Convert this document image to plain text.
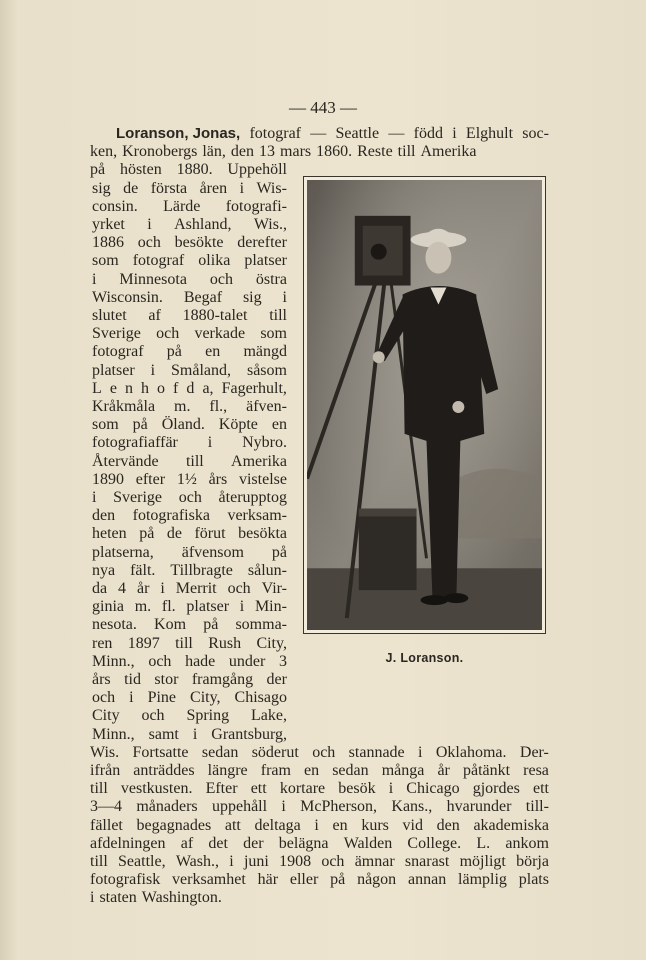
— 443 —
Loranson, Jonas, fotograf — Seattle — född i Elghult soc-
ken, Kronobergs län, den 13 mars 1860. Reste till Amerika
på hösten 1880. Uppehöll
sig de första åren i Wis-
consin. Lärde fotografi-
yrket i Ashland, Wis.,
1886 och besökte derefter
som fotograf olika platser
i Minnesota och östra
Wisconsin. Begaf sig i
slutet af 1880-talet till
Sverige och verkade som
fotograf på en mängd
platser i Småland, såsom
L e n h o f d a, Fagerhult,
Kråkmåla m. fl., äfven-
som på Öland. Köpte en
fotografiaffär i Nybro.
Återvände till Amerika
1890 efter 1½ års vistelse
i Sverige och återupptog
den fotografiska verksam-
heten på de förut besökta
platserna, äfvensom på
nya fält. Tillbragte sålun-
da 4 år i Merrit och Vir-
ginia m. fl. platser i Min-
nesota. Kom på somma-
ren 1897 till Rush City,
Minn., och hade under 3
års tid stor framgång der
och i Pine City, Chisago
City och Spring Lake,
Minn., samt i Grantsburg,
Wis. Fortsatte sedan söderut och stannade i Oklahoma. Der-
ifrån anträddes längre fram en sedan många år påtänkt resa
till vestkusten. Efter ett kortare besök i Chicago gjordes ett
3—4 månaders uppehåll i McPherson, Kans., hvarunder till-
fället begagnades att deltaga i en kurs vid den akademiska
afdelningen af det der belägna Walden College. L. ankom
till Seattle, Wash., i juni 1908 och ämnar snarast möjligt börja
fotografisk verksamhet här eller på någon annan lämplig plats
i staten Washington.
J. Loranson.
